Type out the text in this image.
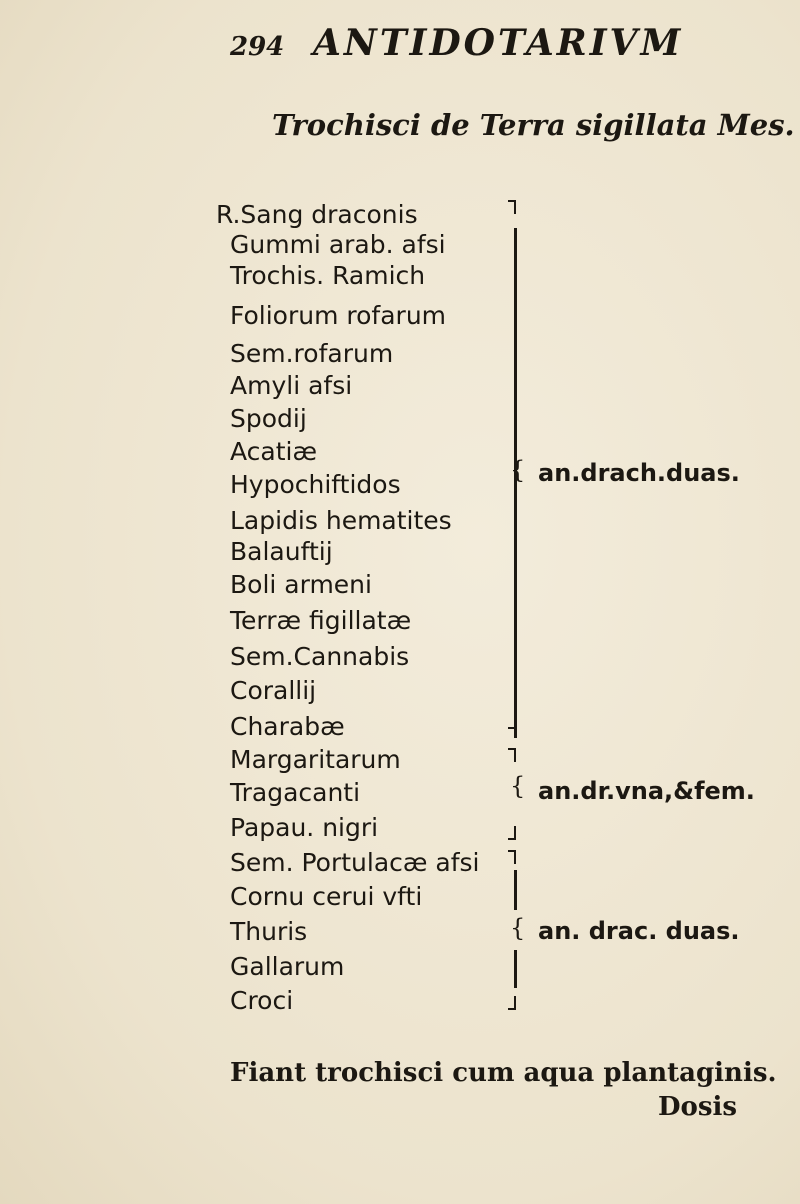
294 ANTIDOTARIVM
Trochisci de Terra sigillata Mes.
R.Sang draconis
Gummi arab. afsi
Trochis. Ramich
Foliorum rofarum
Sem.rofarum
Amyli afsi
Spodij
Acatiæ
Hypochiftidos
Lapidis hematites
Balauftij
Boli armeni
Terræ figillatæ
Sem.Cannabis
Corallij
Charabæ
Margaritarum
Tragacanti
Papau. nigri
Sem. Portulacæ afsi
Cornu cerui vfti
Thuris
Gallarum
Croci
{ an.drach.duas.
{ an.dr.vna,&fem.
{ an. drac. duas.
Fiant trochisci cum aqua plantaginis.
Dosis
